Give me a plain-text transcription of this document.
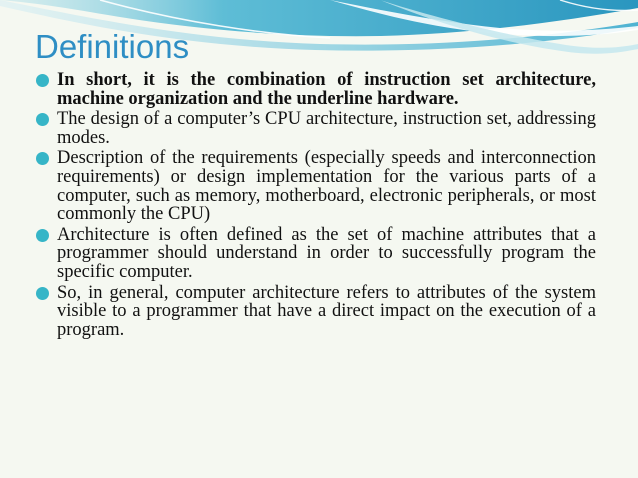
Definitions
In short, it is the combination of instruction set architecture, machine organization and the underline hardware.
The design of a computer’s CPU architecture, instruction set, addressing modes.
Description of the requirements (especially speeds and interconnection requirements) or design implementation for the various parts of a computer, such as memory, motherboard, electronic peripherals, or most commonly the CPU)
Architecture is often defined as the set of machine attributes that a programmer should understand in order to successfully program the specific computer.
So, in general, computer architecture refers to attributes of the system visible to a programmer that have a direct impact on the execution of a program.
